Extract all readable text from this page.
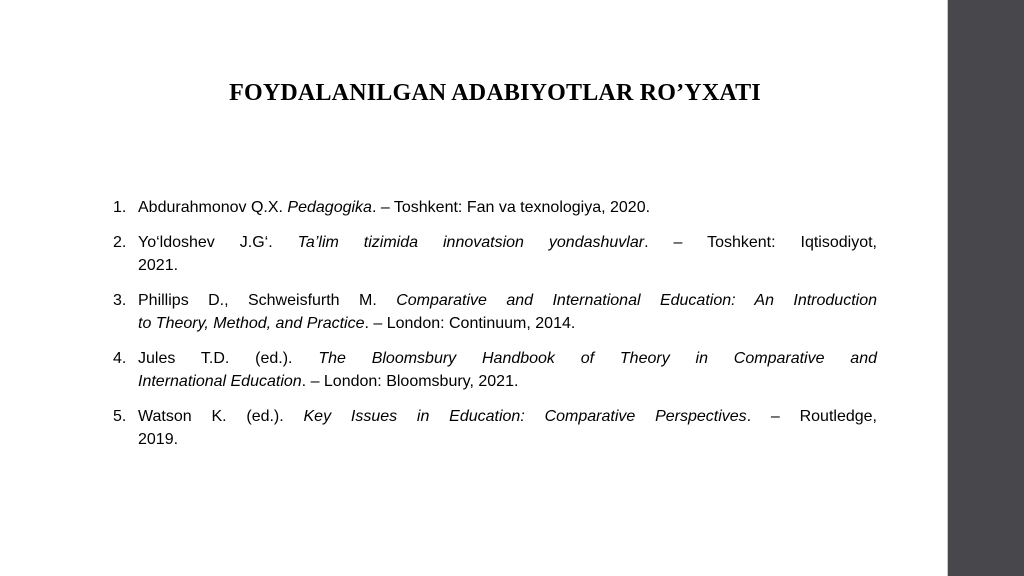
FOYDALANILGAN ADABIYOTLAR RO’YXATI
1. Abdurahmonov Q.X. Pedagogika. – Toshkent: Fan va texnologiya, 2020.
2. Yo‘ldoshev J.G‘. Ta’lim tizimida innovatsion yondashuvlar. – Toshkent: Iqtisodiyot,
2021.
3. Phillips D., Schweisfurth M. Comparative and International Education: An Introduction
to Theory, Method, and Practice. – London: Continuum, 2014.
4. Jules T.D. (ed.). The Bloomsbury Handbook of Theory in Comparative and
International Education. – London: Bloomsbury, 2021.
5. Watson K. (ed.). Key Issues in Education: Comparative Perspectives. – Routledge,
2019.
